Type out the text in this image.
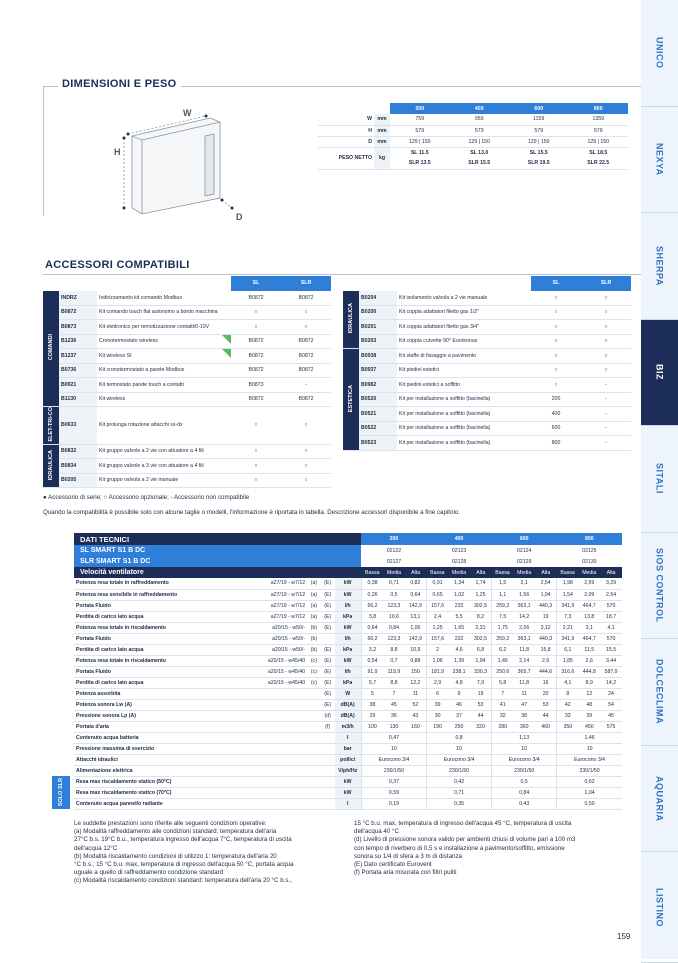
UNICO
NEXYA
SHERPA
BIZ
SITALI
SIOS CONTROL
DOLCECLIMA
AQUARIA
LISTINO
DIMENSIONI E PESO
W
H
D
		200	400	600	800
W	mm	759	959	1159	1359
H	mm	579	579	579	579
D	mm	129 | 150	129 | 150	129 | 150	129 | 150
PESO NETTO	kg	SL 11.5	SL 13.0	SL 15.5	SL 18.5
		SLR 13.5	SLR 15.5	SLR 19.5	SLR 22.5
ACCESSORI COMPATIBILI
			SL	SLR
COMANDI	INDRZ	Indirizzamento kit comando Modbus	B0872	B0872
	B0872	Kit comando touch flat autonomo a bordo macchina	○	○
	B0873	Kit elettronico per remotizzazione contatti/0-10V	○	○
	B1236	Cronotermostato wireless	B0872	B0872
	B1237	Kit wireless SI	B0872	B0872
	B0736	Kit cronotermostato a parete Modbus	B0872	B0872
	B0921	Kit termostato parete touch a contatti	B0873	-
	B1130	Kit wireless	B0872	B0872
ELET-TRI-CO	B0633	Kit prolunga rotazione attacchi sx-dx	○	○
IDRAULICA	B0832	Kit gruppo valvole a 2 vie con attuatore a 4 fili	○	○
	B0834	Kit gruppo valvole a 3 vie con attuatore a 4 fili	○	○
	B0205	Kit gruppo valvola a 2 vie manuale	○	○
			SL	SLR
IDRAULICA	B0204	Kit isolamento valvola a 2 vie manuale	○	○
	B0200	Kit coppia adattatori filetto gas 1/2"	○	○
	B0201	Kit coppia adattatori filetto gas 3/4"	○	○
	B0203	Kit coppia curvette 90° Eurokonus	○	○
ESTETICA	B0938	Kit staffe di fissaggio a pavimento	○	○
	B0937	Kit piedini estetici	○	○
	B0982	Kit piedini estetici a soffitto	○	-
	B0520	Kit per installazione a soffitto (bacinella)	200	-
	B0521	Kit per installazione a soffitto (bacinella)	400	-
	B0522	Kit per installazione a soffitto (bacinella)	600	-
	B0523	Kit per installazione a soffitto (bacinella)	800	-
● Accessorio di serie; ○ Accessorio opzionale; - Accessorio non compatibile
Quando la compatibilità è possibile solo con alcune taglie o modelli, l'informazione è riportata in tabella. Descrizione accessori disponibile a fine capitolo.
DATI TECNICI					200			400			600			800		
SL SMART S1 B DC					02122			02123			02124			02125		
SLR SMART S1 B DC					02127			02128			02129			02130		
Velocità ventilatore					Bassa	Media	Alta	Bassa	Media	Alta	Bassa	Media	Alta	Bassa	Media	Alta
Potenza resa totale in raffreddamento	a27/19 - w7/12	(a)	(E)	kW		0,38	0,71	0,82	0,91	1,34	1,74	1,5	2,1	2,54	1,98	2,69	3,29
Potenza resa sensibile in raffreddamento	a27/19 - w7/12	(a)	(E)	kW		0,26	0,5	0,64	0,65	1,02	1,25	1,1	1,56	1,94	1,54	2,09	2,54
Portata Fluido	a27/19 - w7/12	(a)	(E)	l/h		66,2	123,3	142,9	157,6	232	302,5	259,2	363,1	440,3	341,9	464,7	570
Perdita di carico lato acqua	a27/19 - w7/12	(a)	(E)	kPa		3,8	10,6	13,1	2,4	5,5	8,2	7,5	14,2	19	7,3	13,8	18,7
Potenza resa totale in riscaldamento	a20/15 - w50/-	(b)	(E)	kW		0,64	0,84	1,05	1,25	1,65	2,31	1,75	2,56	3,12	2,21	3,1	4,1
Portata Fluido	a20/15 - w50/-	(b)		l/h		66,2	123,3	142,9	157,6	232	302,5	259,2	363,1	440,3	341,9	464,7	570
Perdita di carico lato acqua	a20/15 - w50/-	(b)	(E)	kPa		3,2	8,8	10,9	2	4,6	6,8	6,2	11,8	15,8	6,1	11,5	15,5
Potenza resa totale in riscaldamento	a20/15 - w45/40	(c)	(E)	kW		0,54	0,7	0,88	1,06	1,39	1,94	1,46	2,14	2,6	1,85	2,6	3,44
Portata Fluido	a20/15 - w45/40	(c)	(E)	l/h		91,9	119,9	150	181,9	238,1	330,3	250,6	365,7	444,6	316,6	444,8	587,9
Perdita di carico lato acqua	a20/15 - w45/40	(c)	(E)	kPa		5,7	8,8	12,2	2,9	4,8	7,9	5,8	11,8	16	4,1	8,9	14,2
Potenza assorbita			(E)	W		5	7	11	6	9	19	7	11	20	8	12	24
Potenza sonora Lw (A)			(E)	dB(A)		38	45	52	39	46	53	41	47	53	42	48	54
Pressione sonora Lp (A)			(d)	dB(A)		29	36	43	30	37	44	32	38	44	33	39	45
Portata d'aria			(f)	m3/h		100	130	160	190	250	320	280	360	460	350	450	575
Contenuto acqua batteria				l		0,47			0,8			1,13			1,46		
Pressione massima di esercizio				bar		10			10			10			10		
Attacchi idraulici				pollici		Eurocono 3/4			Eurocono 3/4			Eurocono 3/4			Eurocono 3/4		
Alimentazione elettrica				V/ph/Hz		230/1/50			230/1/50			230/1/50			230/1/50		
Resa max riscaldamento statico (50°C)				kW		0,37			0,42			0,5			0,62		
Resa max riscaldamento statico (70°C)				kW		0,59			0,71			0,84			1,04		
Contenuto acqua pannello radiante				l		0,19			0,35			0,43			0,50		
SOLO SLR
Le suddette prestazioni sono riferite alle seguenti condizioni operative:
(a) Modalità raffreddamento alle condizioni standard: temperatura dell'aria
27°C b.s. 19°C b.u., temperatura ingresso dell'acqua 7°C, temperatura di uscita
dell'acqua 12°C
(b) Modalità riscaldamento condizioni di utilizzo 1: temperatura dell'aria 20
°C b.s., 15 °C b.u. max, temperatura di ingresso dell'acqua 50 °C, portata acqua
uguale a quello di raffreddamento condizione standard
(c) Modalità riscaldamento condizioni standard: temperatura dell'aria 20 °C b.s.,
15 °C b.u. max, temperatura di ingresso dell'acqua 45 °C, temperatura di uscita
dell'acqua 40 °C
(d) Livello di pressione sonora valido per ambienti chiusi di volume pari a 100 m3
con tempo di riverbero di 0,5 s e installazione a pavimento/soffitto, emissione
sonora su 1/4 di sfera a 3 m di distanza
(E) Dato certificato Eurovent
(f) Portata aria misurata con filtri puliti
159
